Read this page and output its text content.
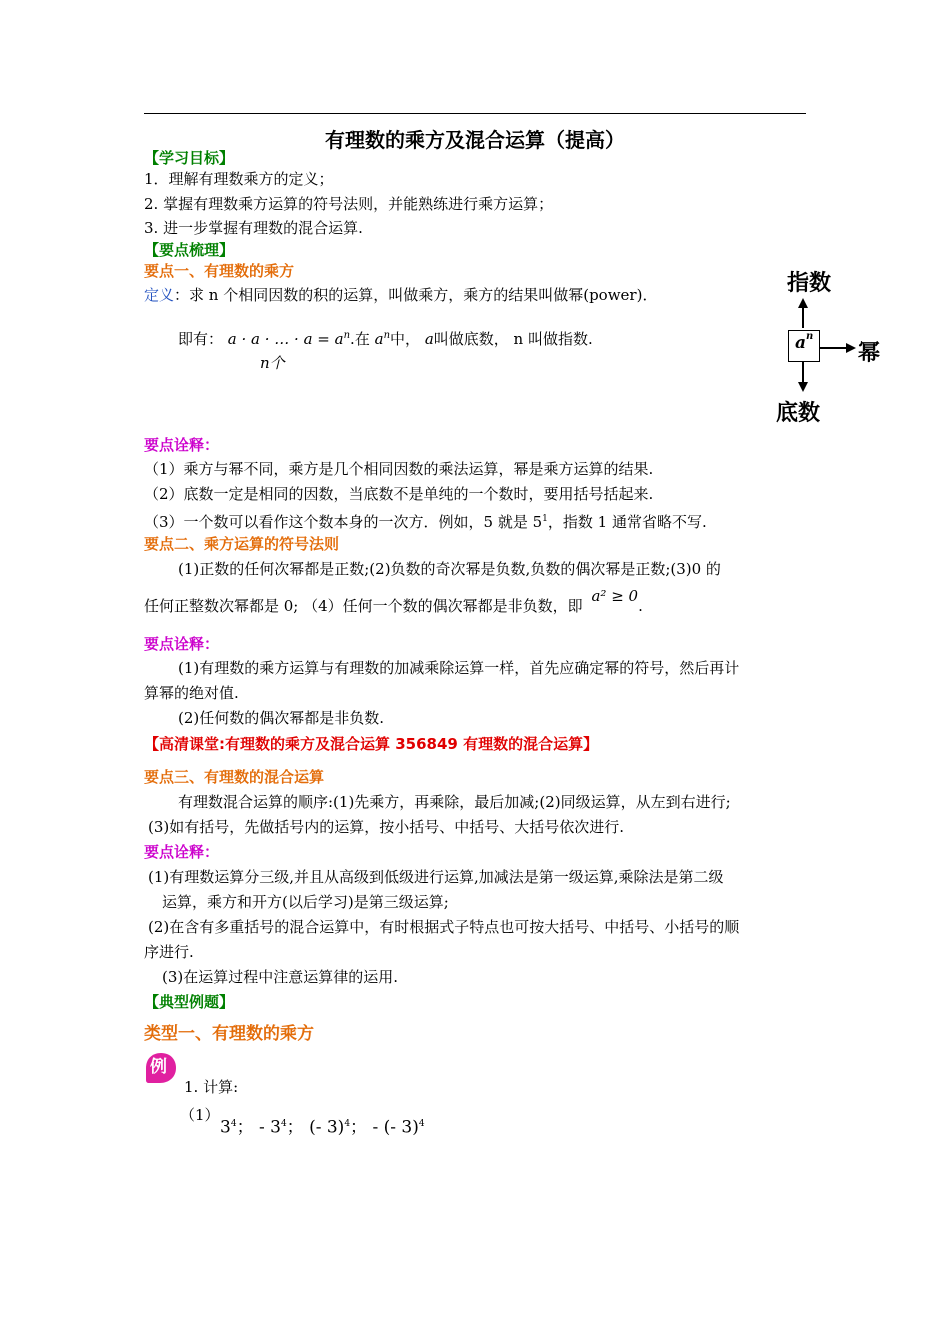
有理数的乘方及混合运算（提高）
【学习目标】
1．理解有理数乘方的定义；
2. 掌握有理数乘方运算的符号法则，并能熟练进行乘方运算；
3. 进一步掌握有理数的混合运算.
【要点梳理】
要点一、有理数的乘方
定义：求 n 个相同因数的积的运算，叫做乘方，乘方的结果叫做幂(power)．
即有： a · a · … · $a = a^n$.在 $a^n$中， a叫做底数， n 叫做指数.
n个
指数
a n
幂
底数
要点诠释：
（1）乘方与幂不同，乘方是几个相同因数的乘法运算，幂是乘方运算的结果.
（2）底数一定是相同的因数，当底数不是单纯的一个数时，要用括号括起来.
（3）一个数可以看作这个数本身的一次方．例如，5 就是 $5^1$，指数 1 通常省略不写.
要点二、乘方运算的符号法则
(1)正数的任何次幂都是正数;(2)负数的奇次幂是负数,负数的偶次幂是正数;(3)0 的
任何正整数次幂都是 0; （4）任何一个数的偶次幂都是非负数，即 a² ≥ 0.
要点诠释：
(1)有理数的乘方运算与有理数的加减乘除运算一样，首先应确定幂的符号，然后再计
算幂的绝对值.
(2)任何数的偶次幂都是非负数.
【高清课堂:有理数的乘方及混合运算 356849 有理数的混合运算】
要点三、有理数的混合运算
有理数混合运算的顺序:(1)先乘方，再乘除，最后加减;(2)同级运算，从左到右进行;
(3)如有括号，先做括号内的运算，按小括号、中括号、大括号依次进行.
要点诠释：
(1)有理数运算分三级,并且从高级到低级进行运算,加减法是第一级运算,乘除法是第二级
运算，乘方和开方(以后学习)是第三级运算;
(2)在含有多重括号的混合运算中，有时根据式子特点也可按大括号、中括号、小括号的顺
序进行.
(3)在运算过程中注意运算律的运用.
【典型例题】
类型一、有理数的乘方
例
1. 计算:
（1）
$3^4$； - $3^4$； (- 3)$^4$； - (- 3)$^4$
